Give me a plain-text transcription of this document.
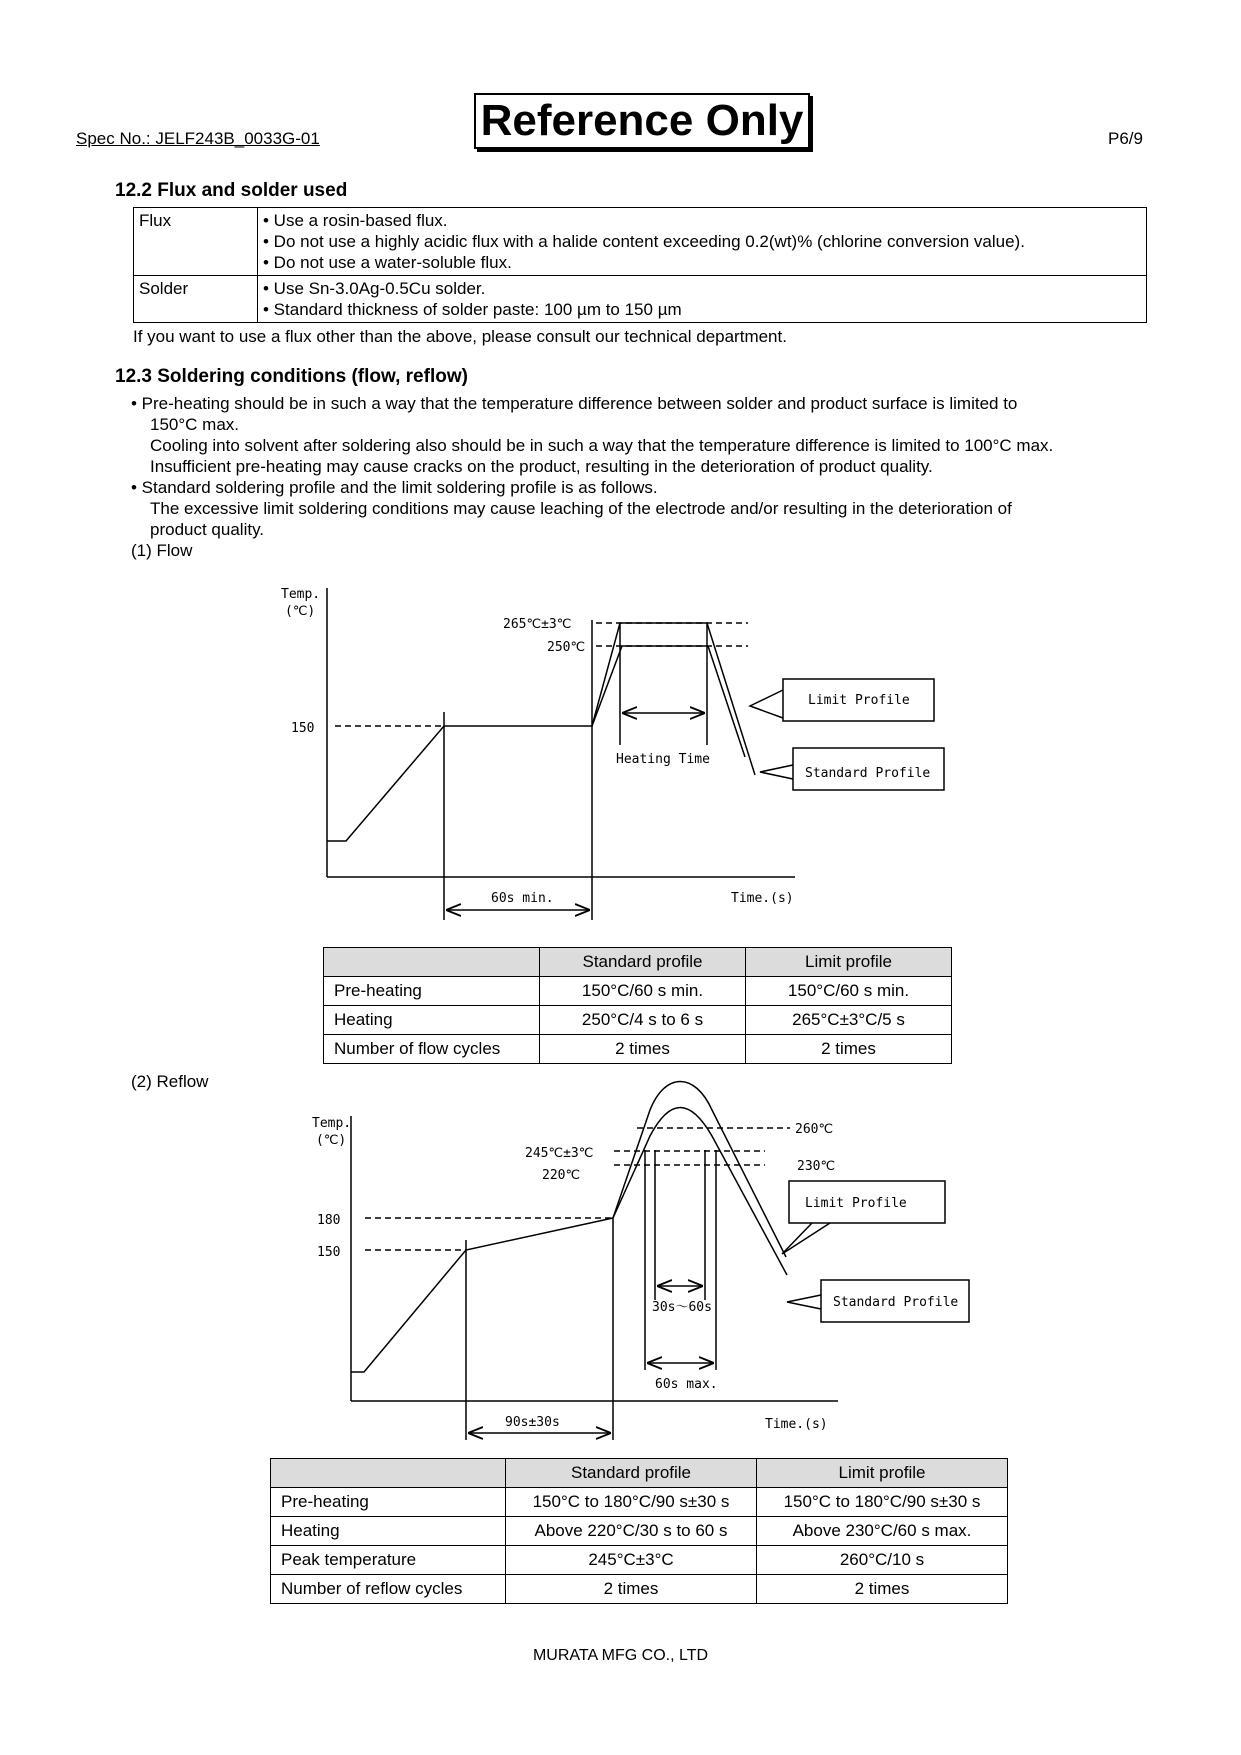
Spec No.: JELF243B_0033G-01	Reference Only	P6/9
12.2 Flux and solder used
Flux	• Use a rosin-based flux.
• Do not use a highly acidic flux with a halide content exceeding 0.2(wt)% (chlorine conversion value).
• Do not use a water-soluble flux.

Solder	• Use Sn-3.0Ag-0.5Cu solder.
• Standard thickness of solder paste: 100 µm to 150 µm
If you want to use a flux other than the above, please consult our technical department.
12.3 Soldering conditions (flow, reflow)
• Pre-heating should be in such a way that the temperature difference between solder and product surface is limited to
150°C max.
Cooling into solvent after soldering also should be in such a way that the temperature difference is limited to 100°C max.
Insufficient pre-heating may cause cracks on the product, resulting in the deterioration of product quality.
• Standard soldering profile and the limit soldering profile is as follows.
The excessive limit soldering conditions may cause leaching of the electrode and/or resulting in the deterioration of
product quality.
(1) Flow
Temp.
(℃)
150
265℃±3℃
250℃
Limit Profile
Standard Profile
Heating Time
60s min.	Time.(s)
Temp.
(℃)
180
150
245℃±3℃
220℃
260℃
230℃
Limit Profile
Standard Profile
30s～60s
60s max.
90s±30s	Time.(s)
	Standard profile	Limit profile
Pre-heating	150°C/60 s min.	150°C/60 s min.
Heating	250°C/4 s to 6 s	265°C±3°C/5 s
Number of flow cycles	2 times	2 times
(2) Reflow
	Standard profile	Limit profile
Pre-heating	150°C to 180°C/90 s±30 s	150°C to 180°C/90 s±30 s
Heating	Above 220°C/30 s to 60 s	Above 230°C/60 s max.
Peak temperature	245°C±3°C	260°C/10 s
Number of reflow cycles	2 times	2 times
MURATA MFG CO., LTD
